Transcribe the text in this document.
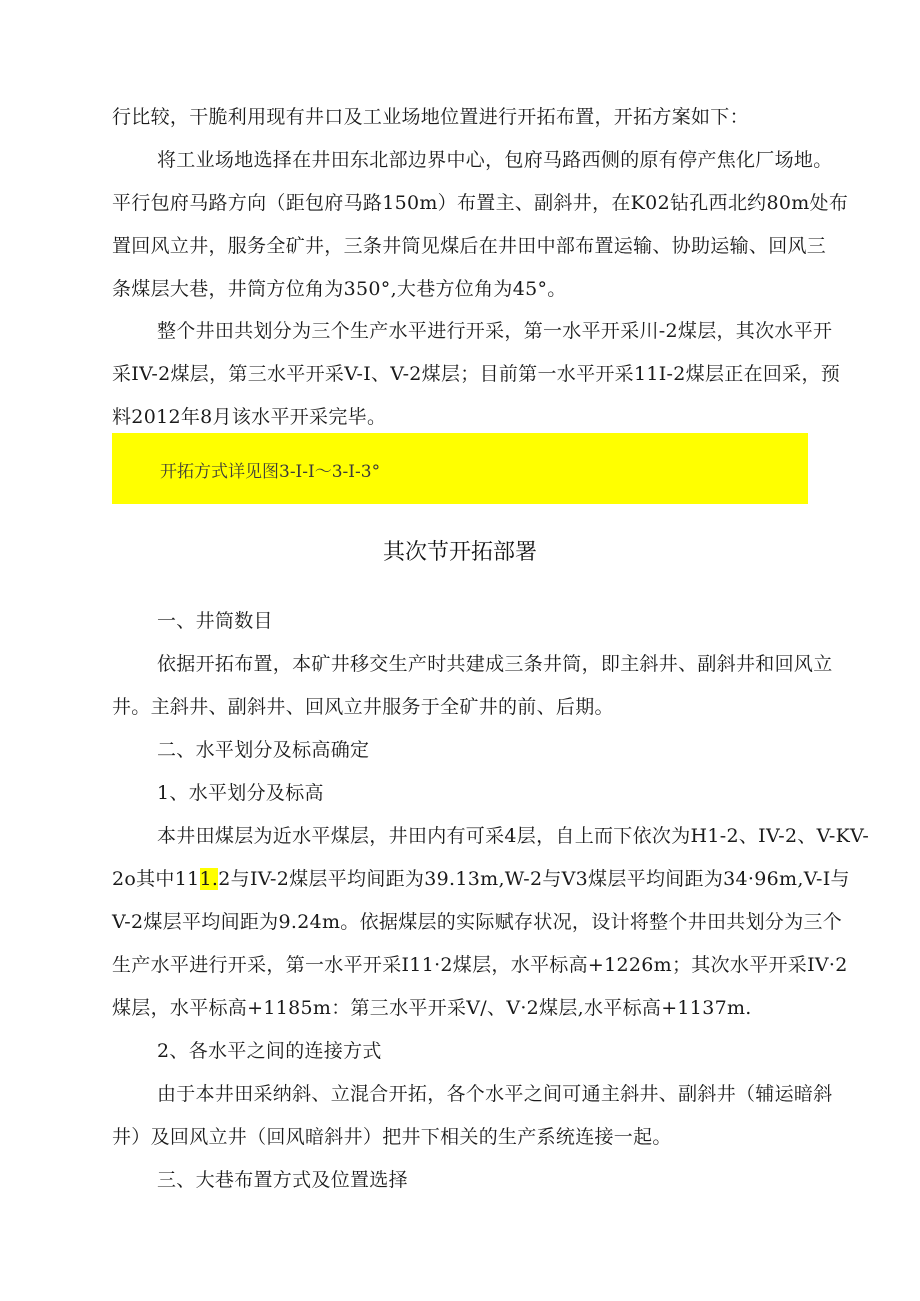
行比较，干脆利用现有井口及工业场地位置进行开拓布置，开拓方案如下：

将工业场地选择在井田东北部边界中心，包府马路西侧的原有停产焦化厂场地。

平行包府马路方向（距包府马路150m）布置主、副斜井，在K02钻孔西北约80m处布

置回风立井，服务全矿井，三条井筒见煤后在井田中部布置运输、协助运输、回风三

条煤层大巷，井筒方位角为350°,大巷方位角为45°。

整个井田共划分为三个生产水平进行开采，第一水平开采川-2煤层，其次水平开

采IV-2煤层，第三水平开采V-I、V-2煤层；目前第一水平开采11I-2煤层正在回采，预

料2012年8月该水平开采完毕。

开拓方式详见图3-I-I～3-I-3°
其次节开拓部署

一、井筒数目

依据开拓布置，本矿井移交生产时共建成三条井筒，即主斜井、副斜井和回风立

井。主斜井、副斜井、回风立井服务于全矿井的前、后期。

二、水平划分及标高确定

1、水平划分及标高

本井田煤层为近水平煤层，井田内有可采4层，自上而下依次为H1-2、IV-2、V-KV-

2o其中111.2与IV-2煤层平均间距为39.13m,W-2与V3煤层平均间距为34·96m,V-I与

V-2煤层平均间距为9.24m。依据煤层的实际赋存状况，设计将整个井田共划分为三个

生产水平进行开采，第一水平开采I11·2煤层，水平标高+1226m；其次水平开采IV·2

煤层，水平标高+1185m：第三水平开采V/、V·2煤层,水平标高+1137m.

2、各水平之间的连接方式

由于本井田采纳斜、立混合开拓，各个水平之间可通主斜井、副斜井（辅运暗斜

井）及回风立井（回风暗斜井）把井下相关的生产系统连接一起。

三、大巷布置方式及位置选择
